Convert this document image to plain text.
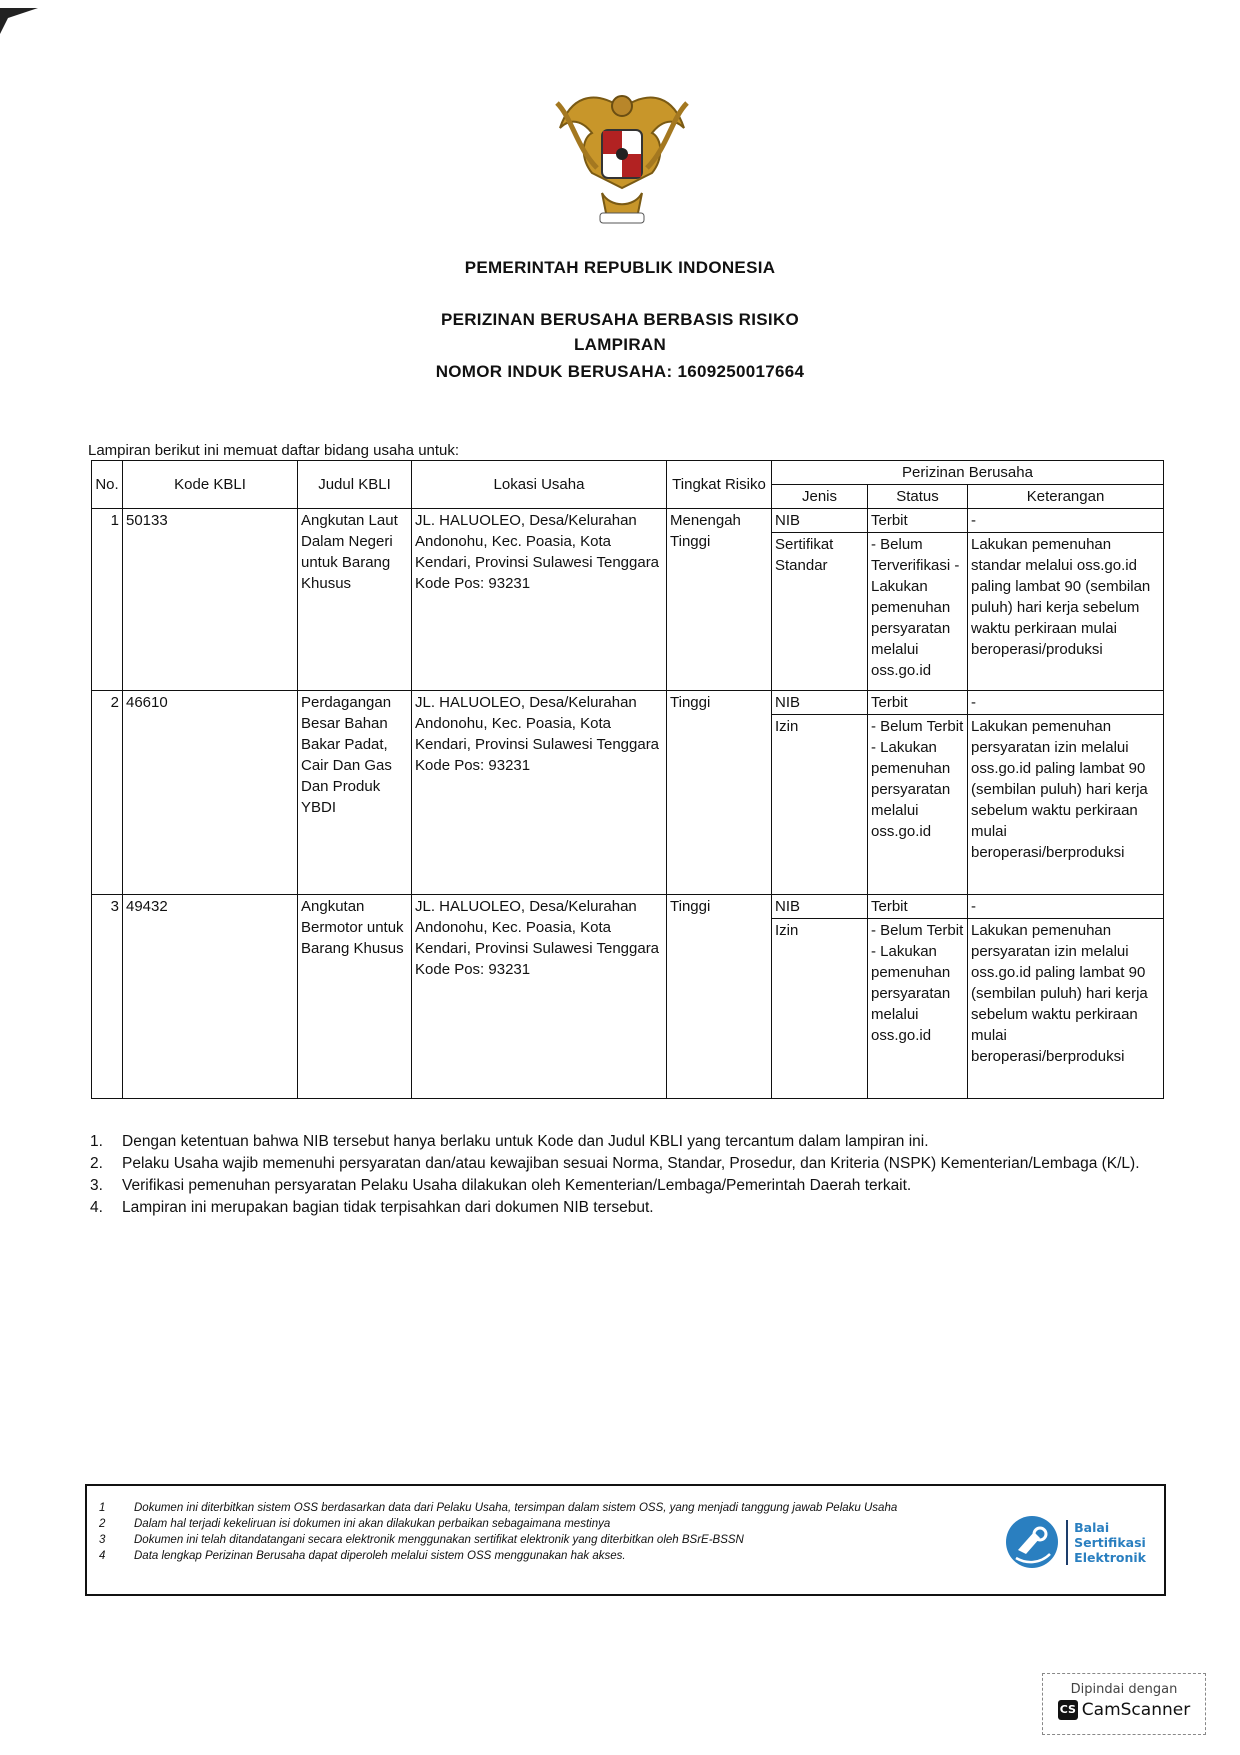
PEMERINTAH REPUBLIK INDONESIA
PERIZINAN BERUSAHA BERBASIS RISIKO
LAMPIRAN
NOMOR INDUK BERUSAHA: 1609250017664
Lampiran berikut ini memuat daftar bidang usaha untuk:
No.	Kode KBLI	Judul KBLI	Lokasi Usaha	Tingkat Risiko	Perizinan Berusaha		
					Jenis	Status	Keterangan
1	50133	Angkutan Laut Dalam Negeri untuk Barang Khusus	JL. HALUOLEO, Desa/Kelurahan Andonohu, Kec. Poasia, Kota Kendari, Provinsi Sulawesi Tenggara Kode Pos: 93231	Menengah Tinggi	NIB	Terbit	-
					Sertifikat Standar	- Belum Terverifikasi - Lakukan pemenuhan persyaratan melalui oss.go.id	Lakukan pemenuhan standar melalui oss.go.id paling lambat 90 (sembilan puluh) hari kerja sebelum waktu perkiraan mulai beroperasi/produksi
2	46610	Perdagangan Besar Bahan Bakar Padat, Cair Dan Gas Dan Produk YBDI	JL. HALUOLEO, Desa/Kelurahan Andonohu, Kec. Poasia, Kota Kendari, Provinsi Sulawesi Tenggara Kode Pos: 93231	Tinggi	NIB	Terbit	-
					Izin	- Belum Terbit - Lakukan pemenuhan persyaratan melalui oss.go.id	Lakukan pemenuhan persyaratan izin melalui oss.go.id paling lambat 90 (sembilan puluh) hari kerja sebelum waktu perkiraan mulai beroperasi/berproduksi
3	49432	Angkutan Bermotor untuk Barang Khusus	JL. HALUOLEO, Desa/Kelurahan Andonohu, Kec. Poasia, Kota Kendari, Provinsi Sulawesi Tenggara Kode Pos: 93231	Tinggi	NIB	Terbit	-
					Izin	- Belum Terbit - Lakukan pemenuhan persyaratan melalui oss.go.id	Lakukan pemenuhan persyaratan izin melalui oss.go.id paling lambat 90 (sembilan puluh) hari kerja sebelum waktu perkiraan mulai beroperasi/berproduksi
1.	Dengan ketentuan bahwa NIB tersebut hanya berlaku untuk Kode dan Judul KBLI yang tercantum dalam lampiran ini.
2.	Pelaku Usaha wajib memenuhi persyaratan dan/atau kewajiban sesuai Norma, Standar, Prosedur, dan Kriteria (NSPK) Kementerian/Lembaga (K/L).
3.	Verifikasi pemenuhan persyaratan Pelaku Usaha dilakukan oleh Kementerian/Lembaga/Pemerintah Daerah terkait.
4.	Lampiran ini merupakan bagian tidak terpisahkan dari dokumen NIB tersebut.
1	Dokumen ini diterbitkan sistem OSS berdasarkan data dari Pelaku Usaha, tersimpan dalam sistem OSS, yang menjadi tanggung jawab Pelaku Usaha
2	Dalam hal terjadi kekeliruan isi dokumen ini akan dilakukan perbaikan sebagaimana mestinya
3	Dokumen ini telah ditandatangani secara elektronik menggunakan sertifikat elektronik yang diterbitkan oleh BSrE-BSSN
4	Data lengkap Perizinan Berusaha dapat diperoleh melalui sistem OSS menggunakan hak akses.
Balai
Sertifikasi
Elektronik
Dipindai dengan
CS CamScanner
